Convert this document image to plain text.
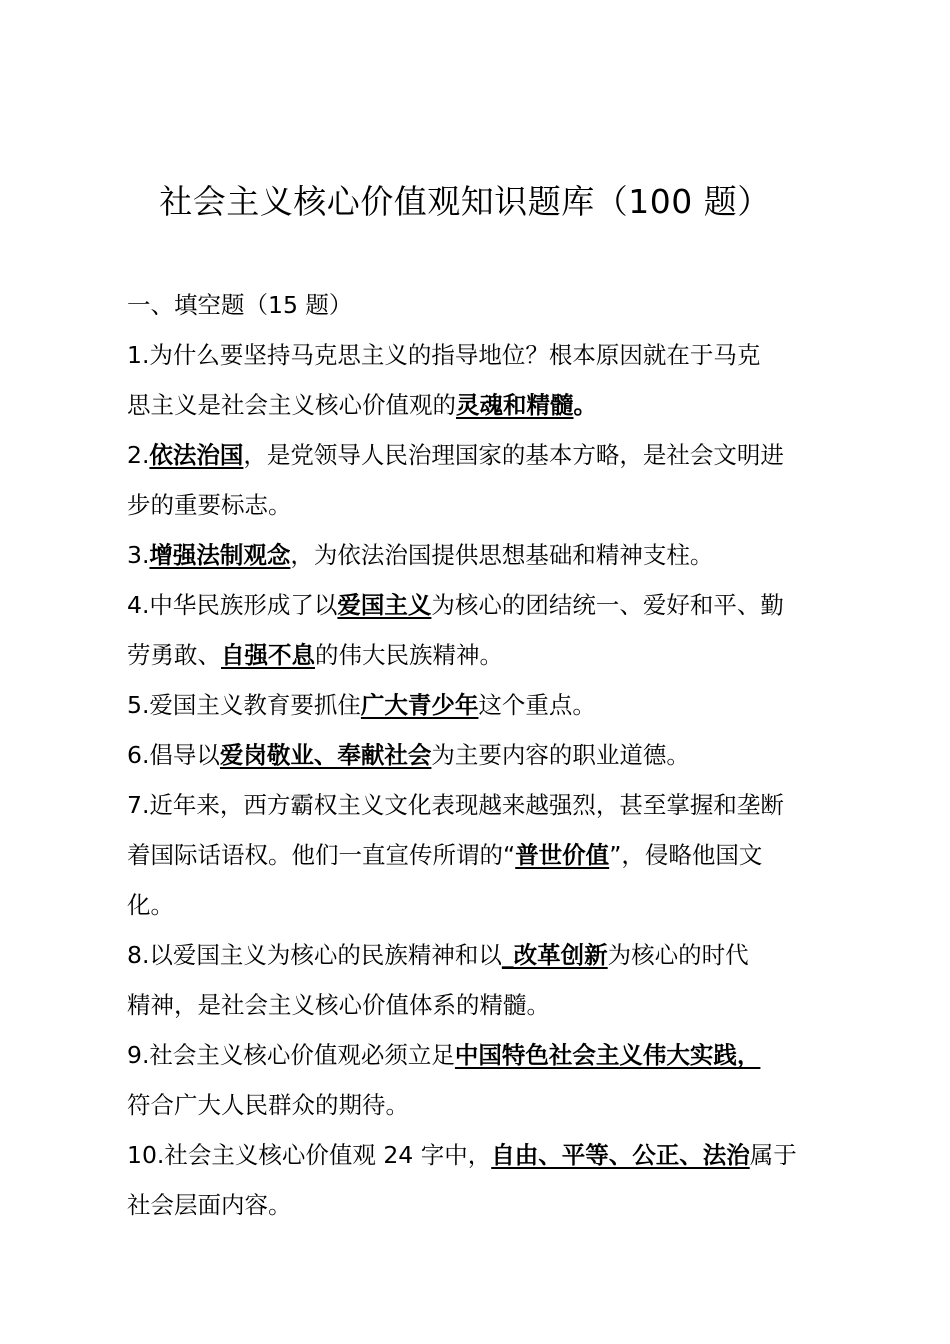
社会主义核心价值观知识题库（100 题）
一、填空题（15 题）
1.为什么要坚持马克思主义的指导地位？根本原因就在于马克
思主义是社会主义核心价值观的灵魂和精髓。
2.依法治国，是党领导人民治理国家的基本方略，是社会文明进
步的重要标志。
3.增强法制观念，为依法治国提供思想基础和精神支柱。
4.中华民族形成了以爱国主义为核心的团结统一、爱好和平、勤
劳勇敢、自强不息的伟大民族精神。
5.爱国主义教育要抓住广大青少年这个重点。
6.倡导以爱岗敬业、奉献社会为主要内容的职业道德。
7.近年来，西方霸权主义文化表现越来越强烈，甚至掌握和垄断
着国际话语权。他们一直宣传所谓的“普世价值”，侵略他国文
化。
8.以爱国主义为核心的民族精神和以_改革创新为核心的时代
精神，是社会主义核心价值体系的精髓。
9.社会主义核心价值观必须立足中国特色社会主义伟大实践，
符合广大人民群众的期待。
10.社会主义核心价值观 24 字中，自由、平等、公正、法治属于
社会层面内容。
